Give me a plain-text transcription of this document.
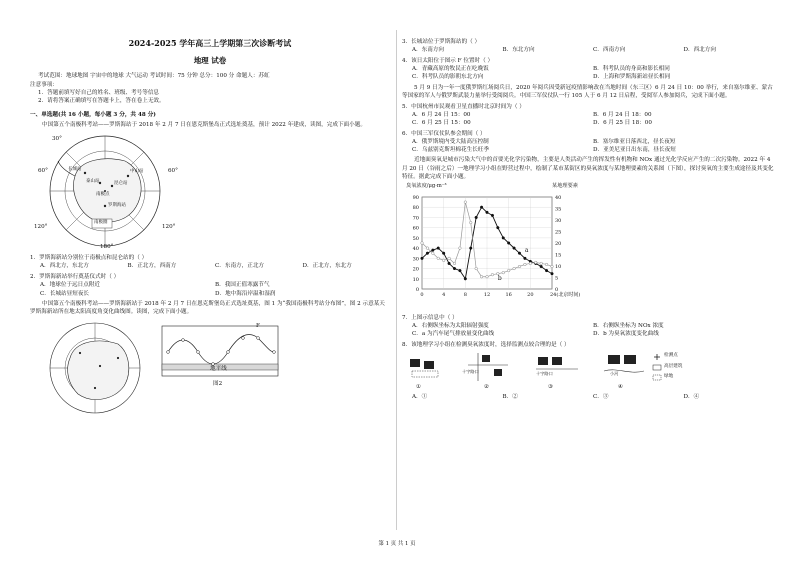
2024-2025 学年高三上学期第三次诊断考试
地理 试卷
考试范围：地球地图 宇宙中的地球 大气运动 考试时间：75 分钟 总分：100 分 命题人：苏虹
注意事项：
1．答题前填写好自己的姓名、班级、考号等信息
2．请将答案正确填写在答题卡上，答在卷上无效。
一、单选题(共 16 小题，每小题 3 分，共 48 分)
中国第五个南极科考站——罗斯海站于 2018 年 2 月 7 日在恩克斯堡岛正式选址奠基，预计 2022 年建成，读图，完成下面小题。
60°
30°
60°
120°	120°
180°
中山站
长城站
昆仑站
泰山站
罗斯海站
南极点
南极圈
1．罗斯海新站分别位于南极点和昆仑站的（ ）
A．西北方，东北方	B．正北方，西南方	C．东南方，正北方	D．正北方，东北方
2．罗斯海新站举行奠基仪式时（ ）
A．地球位于远日点附近	B．我国正值寒露节气
C．长城站昼短夜长	D．地中海沿岸温和湿润
中国第五个南极科考站——罗斯海新站于 2018 年 2 月 7 日在恩克斯堡岛正式选址奠基，图 1 为“我国南极科考站分布图”，图 2 示意某天罗斯海新站所在地太阳高度角变化曲线图。读图，完成下面小题。
F
地平线
图2
3．长城站位于罗斯海站的（ ）
A．东南方向	B．东北方向	C．西南方向	D．西北方向
4．该日太阳位于图示 F 位置时（ ）
A．青藏高原的牧民正在吃晚饭	B．科考队员的身高和影长相同
C．科考队员的影朝东北方向	D．上海和罗斯海新站昼长相同
5 月 9 日为一年一度俄罗斯红场阅兵日，2020 年阅兵因受新冠疫情影响改在当地时间（东三区）6 月 24 日 10：00 举行，来自塞尔维亚、蒙古等国家的军人与俄罗斯武装力量举行受阅阅兵。中国三军仪仗队一行 105 人于 6 月 12 日启程，受阅军人参加阅兵，完成下面小题。
5．中国杭州市民观看卫星直播时北京时间为（ ）
A．6 月 24 日 15：00	B．6 月 24 日 18：00
C．6 月 25 日 15：00	D．6 月 25 日 18：00
6．中国三军仪仗队参会期间（ ）
A．俄罗斯境内受大陆高压控制	B．塞尔维亚日落西北，昼长夜短
C．乌兹别克斯坦棉花生长旺季	D．亚美尼亚日出东南，昼长夜短
近地面臭氧是城市污染大气中的首要光化学污染物，主要是人类活动产生的挥发性有机物和 NOx 通过光化学反应产生的二次污染物。2022 年 4 月 20 日（谷雨之后）一地理学习小组在野营过程中，绘制了某市某街区的臭氧浓度与某地理要素的关系图（下图），探讨臭氧的主要生成途径及其变化特征。据此完成下面小题。
臭氧浓度/μg·m⁻³	某地理要素
0
10
20
30
40
50
60
70
80
90
0
5
10
15
20
25
30
35
40
0	4	8	12	16	20	24(北京时间)
a
b
7．上图示信息中（ ）
A．右侧纵坐标为太阳辐射强度	B．右侧纵坐标为 NOx 浓度
C．a 为汽车尾气排放量变化曲线	D．b 为臭氧浓度变化曲线
8．该地理学习小组在检测臭氧浓度时，选择监测点较合理的是（ ）
①	②	③	④
十字路口	十字路口	小河
检测点
高层建筑
绿地
A．①	B．②	C．③	D．④
第 1 页 共 1 页
